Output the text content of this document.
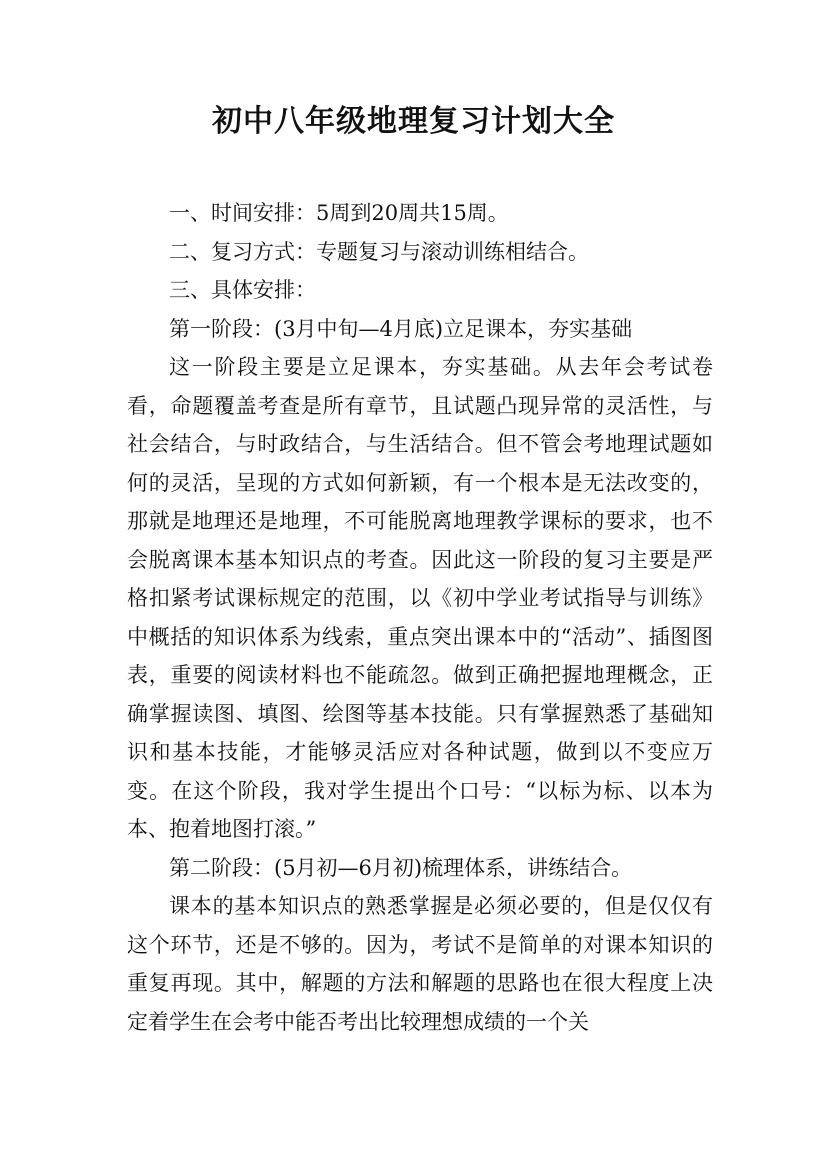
初中八年级地理复习计划大全

一、时间安排：5周到20周共15周。

二、复习方式：专题复习与滚动训练相结合。

三、具体安排：

第一阶段：(3月中旬—4月底)立足课本，夯实基础

这一阶段主要是立足课本，夯实基础。从去年会考试卷看，命题覆盖考查是所有章节，且试题凸现异常的灵活性，与社会结合，与时政结合，与生活结合。但不管会考地理试题如何的灵活，呈现的方式如何新颖，有一个根本是无法改变的，那就是地理还是地理，不可能脱离地理教学课标的要求，也不会脱离课本基本知识点的考查。因此这一阶段的复习主要是严格扣紧考试课标规定的范围，以《初中学业考试指导与训练》中概括的知识体系为线索，重点突出课本中的“活动”、插图图表，重要的阅读材料也不能疏忽。做到正确把握地理概念，正确掌握读图、填图、绘图等基本技能。只有掌握熟悉了基础知识和基本技能，才能够灵活应对各种试题，做到以不变应万变。在这个阶段，我对学生提出个口号：“以标为标、以本为本、抱着地图打滚。”

第二阶段：(5月初—6月初)梳理体系，讲练结合。

课本的基本知识点的熟悉掌握是必须必要的，但是仅仅有这个环节，还是不够的。因为，考试不是简单的对课本知识的重复再现。其中，解题的方法和解题的思路也在很大程度上决定着学生在会考中能否考出比较理想成绩的一个关
